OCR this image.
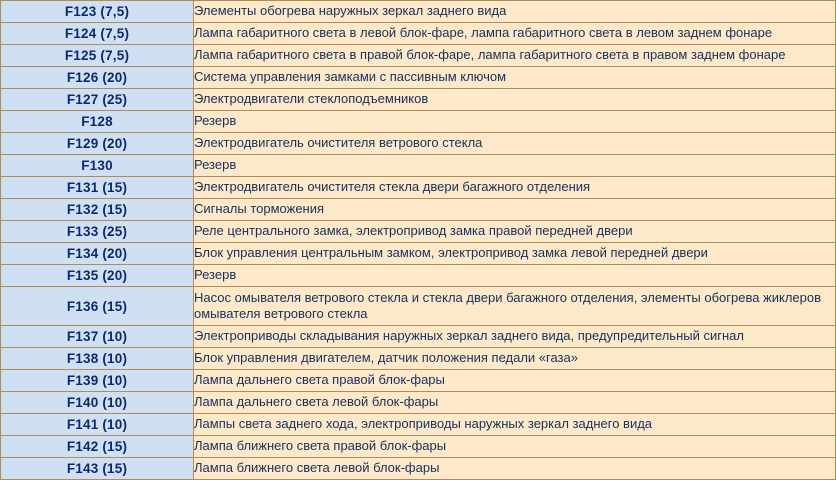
F123 (7,5)	Элементы обогрева наружных зеркал заднего вида
F124 (7,5)	Лампа габаритного света в левой блок-фаре, лампа габаритного света в левом заднем фонаре
F125 (7,5)	Лампа габаритного света в правой блок-фаре, лампа габаритного света в правом заднем фонаре
F126 (20)	Система управления замками с пассивным ключом
F127 (25)	Электродвигатели стеклоподъемников
F128	Резерв
F129 (20)	Электродвигатель очистителя ветрового стекла
F130	Резерв
F131 (15)	Электродвигатель очистителя стекла двери багажного отделения
F132 (15)	Сигналы торможения
F133 (25)	Реле центрального замка, электропривод замка правой передней двери
F134 (20)	Блок управления центральным замком, электропривод замка левой передней двери
F135 (20)	Резерв
F136 (15)	Насос омывателя ветрового стекла и стекла двери багажного отделения, элементы обогрева жиклеров омывателя ветрового стекла
F137 (10)	Электроприводы складывания наружных зеркал заднего вида, предупредительный сигнал
F138 (10)	Блок управления двигателем, датчик положения педали «газа»
F139 (10)	Лампа дальнего света правой блок-фары
F140 (10)	Лампа дальнего света левой блок-фары
F141 (10)	Лампы света заднего хода, электроприводы наружных зеркал заднего вида
F142 (15)	Лампа ближнего света правой блок-фары
F143 (15)	Лампа ближнего света левой блок-фары
